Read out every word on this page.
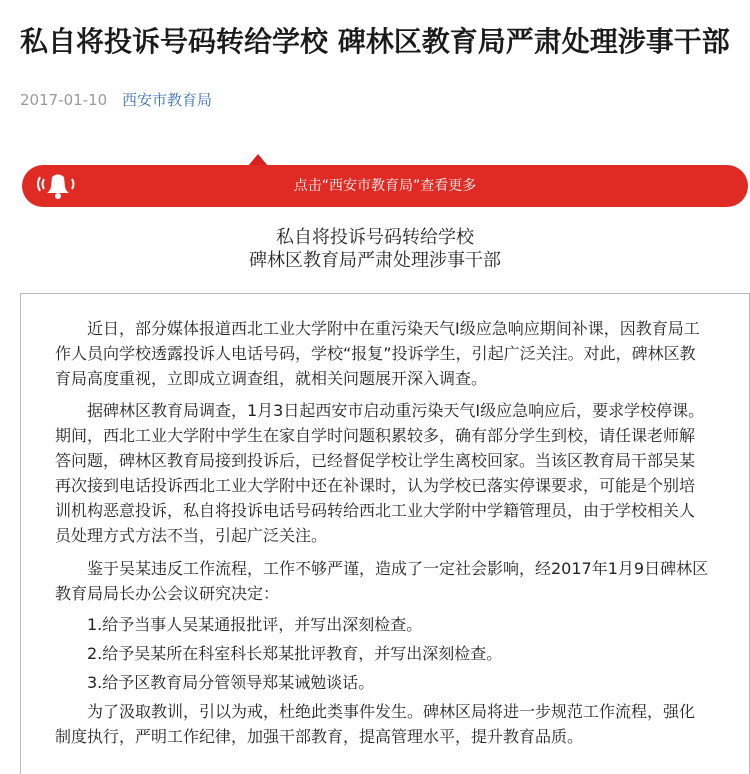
私自将投诉号码转给学校 碑林区教育局严肃处理涉事干部
2017-01-10 西安市教育局
点击“西安市教育局”查看更多
私自将投诉号码转给学校
碑林区教育局严肃处理涉事干部
近日，部分媒体报道西北工业大学附中在重污染天气Ⅰ级应急响应期间补课，因教育局工
作人员向学校透露投诉人电话号码，学校“报复”投诉学生，引起广泛关注。对此，碑林区教
育局高度重视，立即成立调查组，就相关问题展开深入调查。
据碑林区教育局调查，1月3日起西安市启动重污染天气Ⅰ级应急响应后，要求学校停课。
期间，西北工业大学附中学生在家自学时问题积累较多，确有部分学生到校，请任课老师解
答问题，碑林区教育局接到投诉后，已经督促学校让学生离校回家。当该区教育局干部吴某
再次接到电话投诉西北工业大学附中还在补课时，认为学校已落实停课要求，可能是个别培
训机构恶意投诉，私自将投诉电话号码转给西北工业大学附中学籍管理员，由于学校相关人
员处理方式方法不当，引起广泛关注。
鉴于吴某违反工作流程，工作不够严谨，造成了一定社会影响，经2017年1月9日碑林区
教育局局长办公会议研究决定：
1.给予当事人吴某通报批评，并写出深刻检查。
2.给予吴某所在科室科长郑某批评教育，并写出深刻检查。
3.给予区教育局分管领导郑某诫勉谈话。
为了汲取教训，引以为戒，杜绝此类事件发生。碑林区局将进一步规范工作流程，强化
制度执行，严明工作纪律，加强干部教育，提高管理水平，提升教育品质。
